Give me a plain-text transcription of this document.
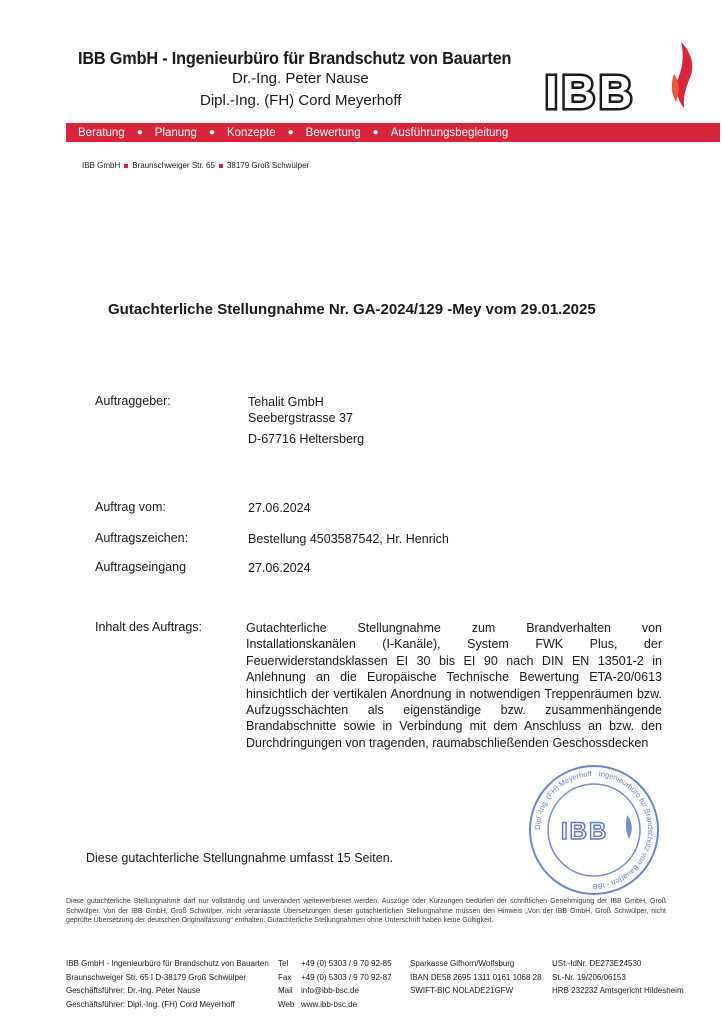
IBB GmbH - Ingenieurbüro für Brandschutz von Bauarten
Dr.-Ing. Peter Nause
Dipl.-Ing. (FH) Cord Meyerhoff	IBB
Beratung ● Planung ● Konzepte ● Bewertung ● Ausführungsbegleitung
IBB GmbH Braunschweiger Str. 65 38179 Groß Schwülper
Gutachterliche Stellungnahme Nr. GA-2024/129 -Mey vom 29.01.2025
Auftraggeber:	Tehalit GmbH
Seebergstrasse 37
D-67716 Heltersberg
Auftrag vom:	27.06.2024
Auftragszeichen:	Bestellung 4503587542, Hr. Henrich
Auftragseingang	27.06.2024
Inhalt des Auftrags:	Gutachterliche Stellungnahme zum Brandverhalten von Installationskanälen (I-Kanäle), System FWK Plus, der Feuerwiderstandsklassen EI 30 bis EI 90 nach DIN EN 13501-2 in Anlehnung an die Europäische Technische Bewertung ETA-20/0613 hinsichtlich der vertikalen Anordnung in notwendigen Treppenräumen bzw. Aufzugsschächten als eigenständige bzw. zusammenhängende Brandabschnitte sowie in Verbindung mit dem Anschluss an bzw. den Durchdringungen von tragenden, raumabschließenden Geschossdecken
Dipl.-Ing. (FH) Meyerhoff · Ingenieurbüro für Brandschutz von Bauarten · IBB
IBB
Diese gutachterliche Stellungnahme umfasst 15 Seiten.
Diese gutachterliche Stellungnahme darf nur vollständig und unverändert weiterverbreitet werden. Auszüge oder Kürzungen bedürfen der schriftlichen Genehmigung der IBB GmbH, Groß Schwülper. Von der IBB GmbH, Groß Schwülper, nicht veranlasste Übersetzungen dieser gutachterlichen Stellungnahme müssen den Hinweis „Von der IBB GmbH, Groß Schwülper, nicht geprüfte Übersetzung der deutschen Originalfassung" enthalten. Gutachterliche Stellungnahmen ohne Unterschrift haben keine Gültigkeit.
IBB GmbH - Ingenieurbüro für Brandschutz von Bauarten
Braunschweiger Str. 65 I D-38179 Groß Schwülper
Geschäftsführer: Dr.-Ing. Peter Nause
Geschäftsführer: Dipl.-Ing. (FH) Cord Meyerhoff
Tel	+49 (0) 5303 / 9 70 92-85
Fax	+49 (0) 5303 / 9 70 92-87
Mail	info@ibb-bsc.de
Web www.ibb-bsc.de
Sparkasse Gifhorn/Wolfsburg
IBAN DE58 2695 1311 0161 1068 28
SWIFT-BIC NOLADE21GFW
USt.-IdNr. DE273E24530
St.-Nr. 19/206/06153
HRB 232232 Amtsgericht Hildesheim
